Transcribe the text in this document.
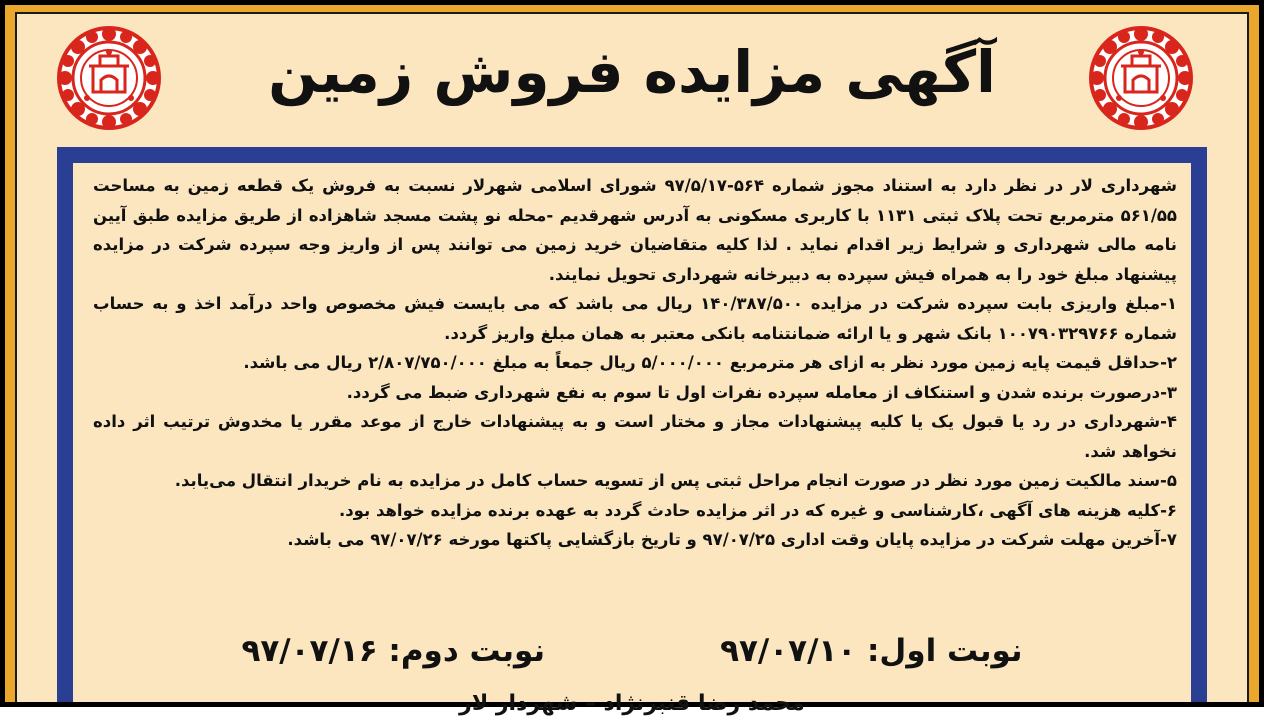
آگهی مزایده فروش زمین

شهرداری لار در نظر دارد به استناد مجوز شماره ۵۶۴-۹۷/۵/۱۷ شورای اسلامی شهرلار نسبت به فروش یک قطعه زمین به مساحت ۵۶۱/۵۵ مترمربع تحت پلاک ثبتی ۱۱۳۱ با کاربری مسکونی به آدرس شهرقدیم -محله نو پشت مسجد شاهزاده از طریق مزایده طبق آیین نامه مالی شهرداری و شرایط زیر اقدام نماید . لذا کلیه متقاضیان خرید زمین می توانند پس از واریز وجه سپرده شرکت در مزایده پیشنهاد مبلغ خود را به همراه فیش سپرده به دبیرخانه شهرداری تحویل نمایند.

۱-مبلغ واریزی بابت سپرده شرکت در مزایده ۱۴۰/۳۸۷/۵۰۰ ریال می باشد که می بایست فیش مخصوص واحد درآمد اخذ و به حساب شماره ۱۰۰۷۹۰۳۲۹۷۶۶ بانک شهر و یا ارائه ضمانتنامه بانکی معتبر به همان مبلغ واریز گردد.

۲-حداقل قیمت پایه زمین مورد نظر به ازای هر مترمربع ۵/۰۰۰/۰۰۰ ریال جمعاً به مبلغ ۲/۸۰۷/۷۵۰/۰۰۰ ریال می باشد.

۳-درصورت برنده شدن و استنکاف از معامله سپرده نفرات اول تا سوم به نفع شهرداری ضبط می گردد.

۴-شهرداری در رد یا قبول یک یا کلیه پیشنهادات مجاز و مختار است و به پیشنهادات خارج از موعد مقرر یا مخدوش ترتیب اثر داده نخواهد شد.

۵-سند مالکیت زمین مورد نظر در صورت انجام مراحل ثبتی پس از تسویه حساب کامل در مزایده به نام خریدار انتقال می‌یابد.

۶-کلیه هزینه های آگهی ،کارشناسی و غیره که در اثر مزایده حادث گردد به عهده برنده مزایده خواهد بود.

۷-آخرین مهلت شرکت در مزایده پایان وقت اداری ۹۷/۰۷/۲۵ و تاریخ بازگشایی پاکتها مورخه ۹۷/۰۷/۲۶ می باشد.

نوبت اول: ۹۷/۰۷/۱۰
نوبت دوم: ۹۷/۰۷/۱۶
محمد رضا قنبرنژاد – شهردار لار
